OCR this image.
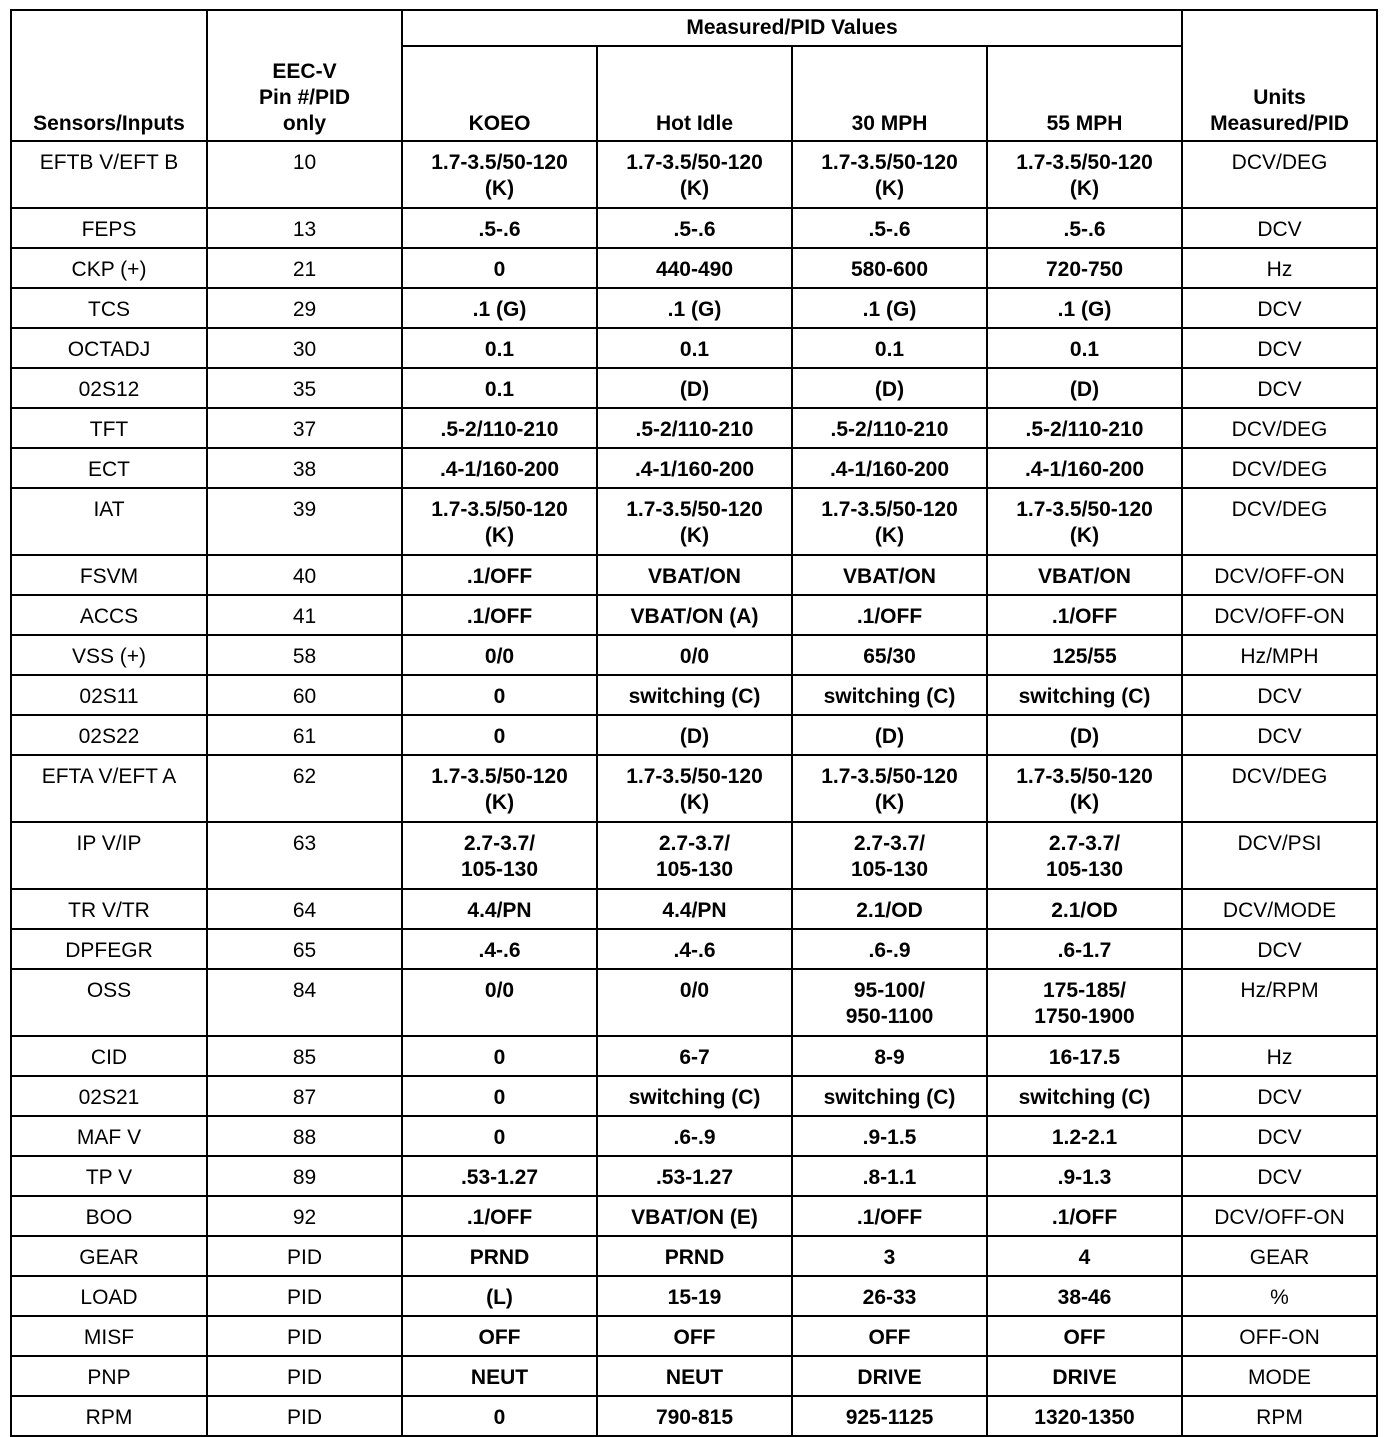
Sensors/Inputs	EEC-V
Pin #/PID
only	Measured/PID Values				Units
Measured/PID

		KOEO	Hot Idle	30 MPH	55 MPH	

EFTB V/EFT B	10	1.7-3.5/50-120
(K)	1.7-3.5/50-120
(K)	1.7-3.5/50-120
(K)	1.7-3.5/50-120
(K)	DCV/DEG

FEPS	13	.5-.6	.5-.6	.5-.6	.5-.6	DCV

CKP (+)	21	0	440-490	580-600	720-750	Hz

TCS	29	.1 (G)	.1 (G)	.1 (G)	.1 (G)	DCV

OCTADJ	30	0.1	0.1	0.1	0.1	DCV

02S12	35	0.1	(D)	(D)	(D)	DCV

TFT	37	.5-2/110-210	.5-2/110-210	.5-2/110-210	.5-2/110-210	DCV/DEG

ECT	38	.4-1/160-200	.4-1/160-200	.4-1/160-200	.4-1/160-200	DCV/DEG

IAT	39	1.7-3.5/50-120
(K)	1.7-3.5/50-120
(K)	1.7-3.5/50-120
(K)	1.7-3.5/50-120
(K)	DCV/DEG

FSVM	40	.1/OFF	VBAT/ON	VBAT/ON	VBAT/ON	DCV/OFF-ON

ACCS	41	.1/OFF	VBAT/ON (A)	.1/OFF	.1/OFF	DCV/OFF-ON

VSS (+)	58	0/0	0/0	65/30	125/55	Hz/MPH

02S11	60	0	switching (C)	switching (C)	switching (C)	DCV

02S22	61	0	(D)	(D)	(D)	DCV

EFTA V/EFT A	62	1.7-3.5/50-120
(K)	1.7-3.5/50-120
(K)	1.7-3.5/50-120
(K)	1.7-3.5/50-120
(K)	DCV/DEG

IP V/IP	63	2.7-3.7/
105-130	2.7-3.7/
105-130	2.7-3.7/
105-130	2.7-3.7/
105-130	DCV/PSI

TR V/TR	64	4.4/PN	4.4/PN	2.1/OD	2.1/OD	DCV/MODE

DPFEGR	65	.4-.6	.4-.6	.6-.9	.6-1.7	DCV

OSS	84	0/0	0/0	95-100/
950-1100	175-185/
1750-1900	Hz/RPM

CID	85	0	6-7	8-9	16-17.5	Hz

02S21	87	0	switching (C)	switching (C)	switching (C)	DCV

MAF V	88	0	.6-.9	.9-1.5	1.2-2.1	DCV

TP V	89	.53-1.27	.53-1.27	.8-1.1	.9-1.3	DCV

BOO	92	.1/OFF	VBAT/ON (E)	.1/OFF	.1/OFF	DCV/OFF-ON

GEAR	PID	PRND	PRND	3	4	GEAR

LOAD	PID	(L)	15-19	26-33	38-46	%

MISF	PID	OFF	OFF	OFF	OFF	OFF-ON

PNP	PID	NEUT	NEUT	DRIVE	DRIVE	MODE

RPM	PID	0	790-815	925-1125	1320-1350	RPM
